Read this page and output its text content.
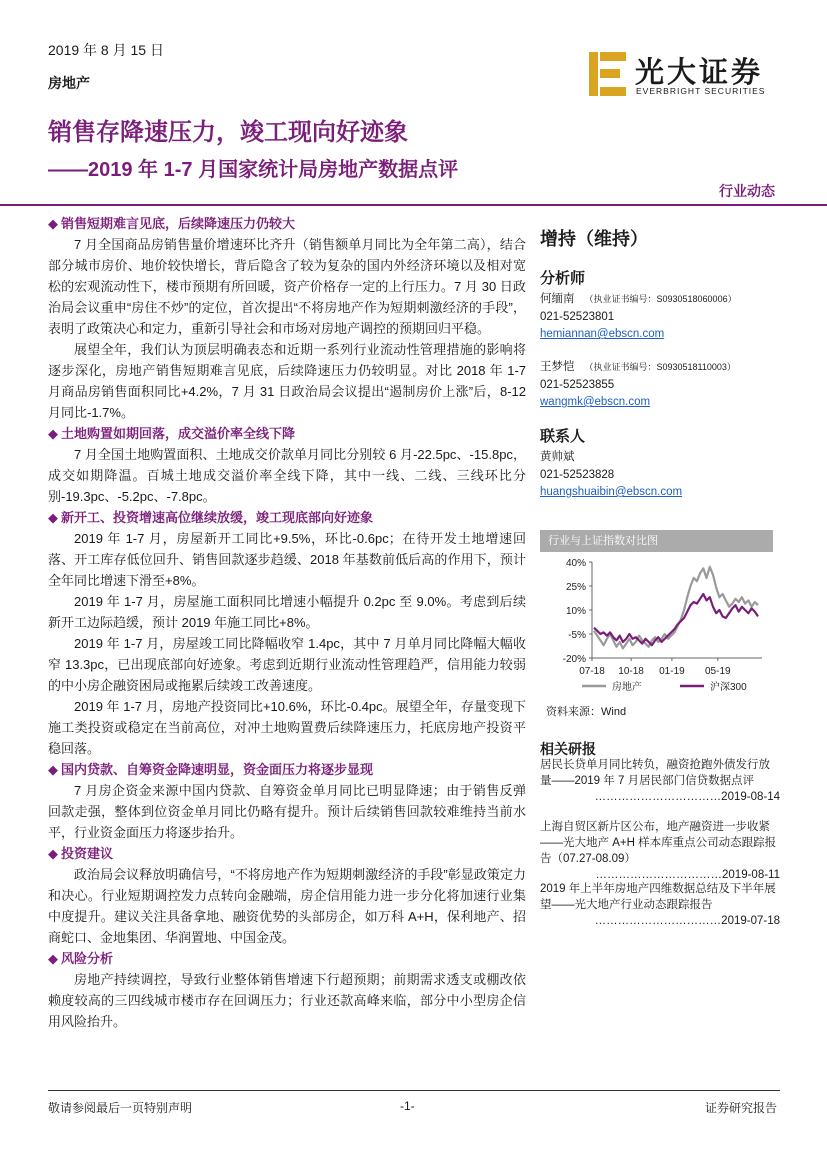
2019 年 8 月 15 日
房地产	光大证券
EVERBRIGHT SECURITIES
销售存降速压力，竣工现向好迹象
——2019 年 1-7 月国家统计局房地产数据点评
行业动态
◆ 销售短期难言见底，后续降速压力仍较大

7 月全国商品房销售量价增速环比齐升（销售额单月同比为全年第二高），结合部分城市房价、地价较快增长，背后隐含了较为复杂的国内外经济环境以及相对宽松的宏观流动性下，楼市预期有所回暖，资产价格存一定的上行压力。7 月 30 日政治局会议重申“房住不炒”的定位，首次提出“不将房地产作为短期刺激经济的手段”，表明了政策决心和定力，重新引导社会和市场对房地产调控的预期回归平稳。

展望全年，我们认为顶层明确表态和近期一系列行业流动性管理措施的影响将逐步深化，房地产销售短期难言见底，后续降速压力仍较明显。对比 2018 年 1-7 月商品房销售面积同比+4.2%，7 月 31 日政治局会议提出“遏制房价上涨”后，8-12 月同比-1.7%。

◆ 土地购置如期回落，成交溢价率全线下降

7 月全国土地购置面积、土地成交价款单月同比分别较 6 月-22.5pc、-15.8pc，成交如期降温。百城土地成交溢价率全线下降，其中一线、二线、三线环比分别-19.3pc、-5.2pc、-7.8pc。

◆ 新开工、投资增速高位继续放缓，竣工现底部向好迹象

2019 年 1-7 月，房屋新开工同比+9.5%，环比-0.6pc；在待开发土地增速回落、开工库存低位回升、销售回款逐步趋缓、2018 年基数前低后高的作用下，预计全年同比增速下滑至+8%。

2019 年 1-7 月，房屋施工面积同比增速小幅提升 0.2pc 至 9.0%。考虑到后续新开工边际趋缓，预计 2019 年施工同比+8%。

2019 年 1-7 月，房屋竣工同比降幅收窄 1.4pc，其中 7 月单月同比降幅大幅收窄 13.3pc，已出现底部向好迹象。考虑到近期行业流动性管理趋严，信用能力较弱的中小房企融资困局或拖累后续竣工改善速度。

2019 年 1-7 月，房地产投资同比+10.6%，环比-0.4pc。展望全年，存量变现下施工类投资或稳定在当前高位，对冲土地购置费后续降速压力，托底房地产投资平稳回落。

◆ 国内贷款、自筹资金降速明显，资金面压力将逐步显现

7 月房企资金来源中国内贷款、自筹资金单月同比已明显降速；由于销售反弹回款走强，整体到位资金单月同比仍略有提升。预计后续销售回款较难维持当前水平，行业资金面压力将逐步抬升。

◆ 投资建议

政治局会议释放明确信号，“不将房地产作为短期刺激经济的手段”彰显政策定力和决心。行业短期调控发力点转向金融端，房企信用能力进一步分化将加速行业集中度提升。建议关注具备拿地、融资优势的头部房企，如万科 A+H，保利地产、招商蛇口、金地集团、华润置地、中国金茂。

◆ 风险分析

房地产持续调控，导致行业整体销售增速下行超预期；前期需求透支或棚改依赖度较高的三四线城市楼市存在回调压力；行业还款高峰来临，部分中小型房企信用风险抬升。

增持（维持）
分析师
何缅南 （执业证书编号：S0930518060006）
021-52523801
hemiannan@ebscn.com
王梦恺 （执业证书编号：S0930518110003）
021-52523855
wangmk@ebscn.com
联系人
黄帅斌
021-52523828
huangshuaibin@ebscn.com
行业与上证指数对比图
40%
25%
10%
-5%
-20%
07-18 10-18 01-19 05-19
房地产	沪深300
资料来源：Wind
相关研报
居民长贷单月同比转负，融资抢跑外债发行放量——2019 年 7 月居民部门信贷数据点评
……………………………2019-08-14
上海自贸区新片区公布，地产融资进一步收紧——光大地产 A+H 样本库重点公司动态跟踪报告（07.27-08.09）
……………………………2019-08-11
2019 年上半年房地产四维数据总结及下半年展望——光大地产行业动态跟踪报告
……………………………2019-07-18
敬请参阅最后一页特别声明	-1-	证券研究报告
